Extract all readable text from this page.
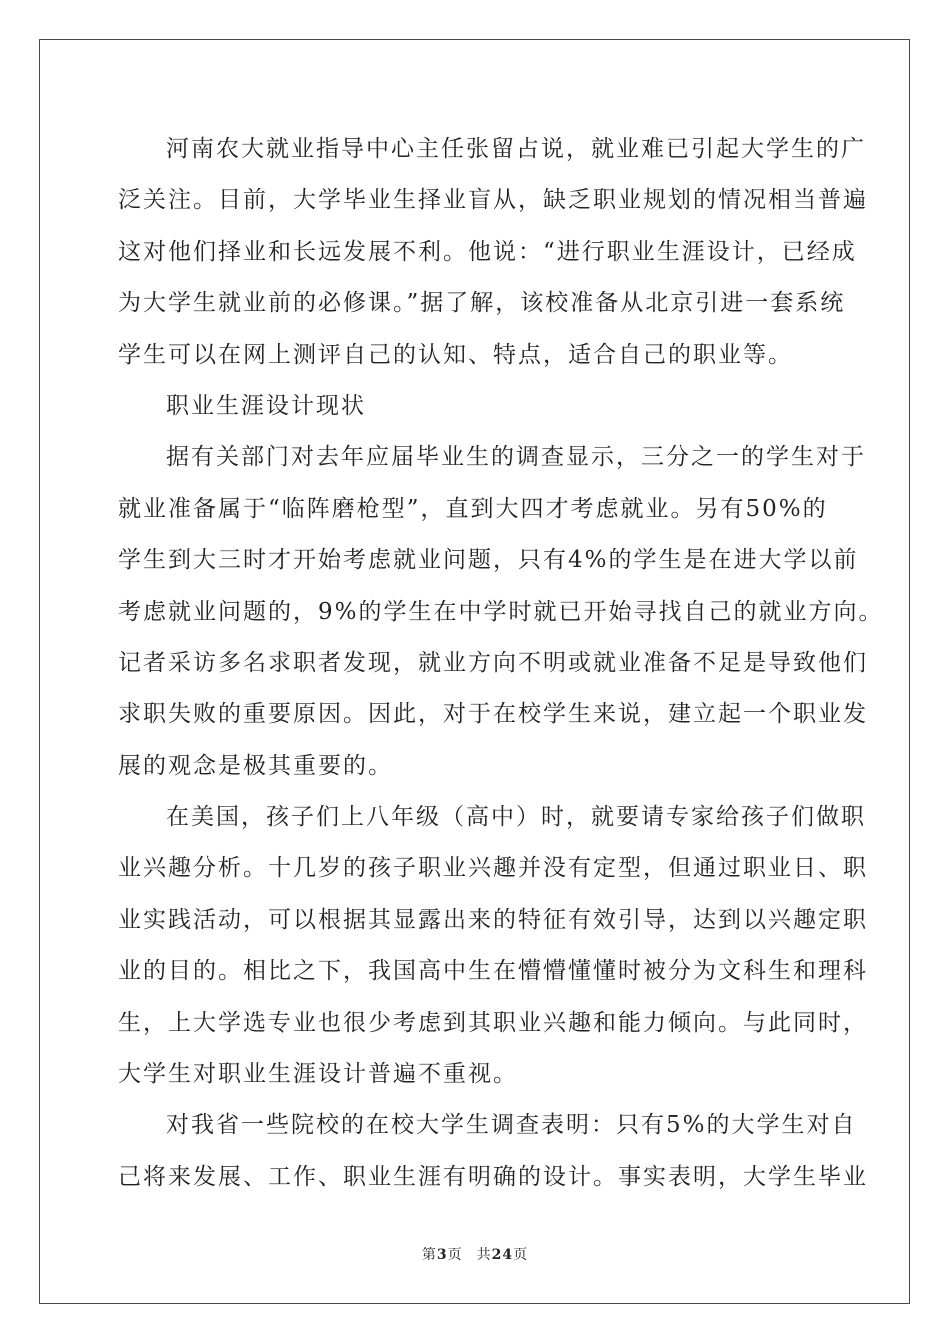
河南农大就业指导中心主任张留占说，就业难已引起大学生的广
泛关注。目前，大学毕业生择业盲从，缺乏职业规划的情况相当普遍
这对他们择业和长远发展不利。他说：“进行职业生涯设计，已经成
为大学生就业前的必修课。”据了解，该校准备从北京引进一套系统
学生可以在网上测评自己的认知、特点，适合自己的职业等。
职业生涯设计现状
据有关部门对去年应届毕业生的调查显示，三分之一的学生对于
就业准备属于“临阵磨枪型”，直到大四才考虑就业。另有50%的
学生到大三时才开始考虑就业问题，只有4%的学生是在进大学以前
考虑就业问题的，9%的学生在中学时就已开始寻找自己的就业方向。
记者采访多名求职者发现，就业方向不明或就业准备不足是导致他们
求职失败的重要原因。因此，对于在校学生来说，建立起一个职业发
展的观念是极其重要的。
在美国，孩子们上八年级（高中）时，就要请专家给孩子们做职
业兴趣分析。十几岁的孩子职业兴趣并没有定型，但通过职业日、职
业实践活动，可以根据其显露出来的特征有效引导，达到以兴趣定职
业的目的。相比之下，我国高中生在懵懵懂懂时被分为文科生和理科
生，上大学选专业也很少考虑到其职业兴趣和能力倾向。与此同时，
大学生对职业生涯设计普遍不重视。
对我省一些院校的在校大学生调查表明：只有5%的大学生对自
己将来发展、工作、职业生涯有明确的设计。事实表明，大学生毕业
第3页 共24页
